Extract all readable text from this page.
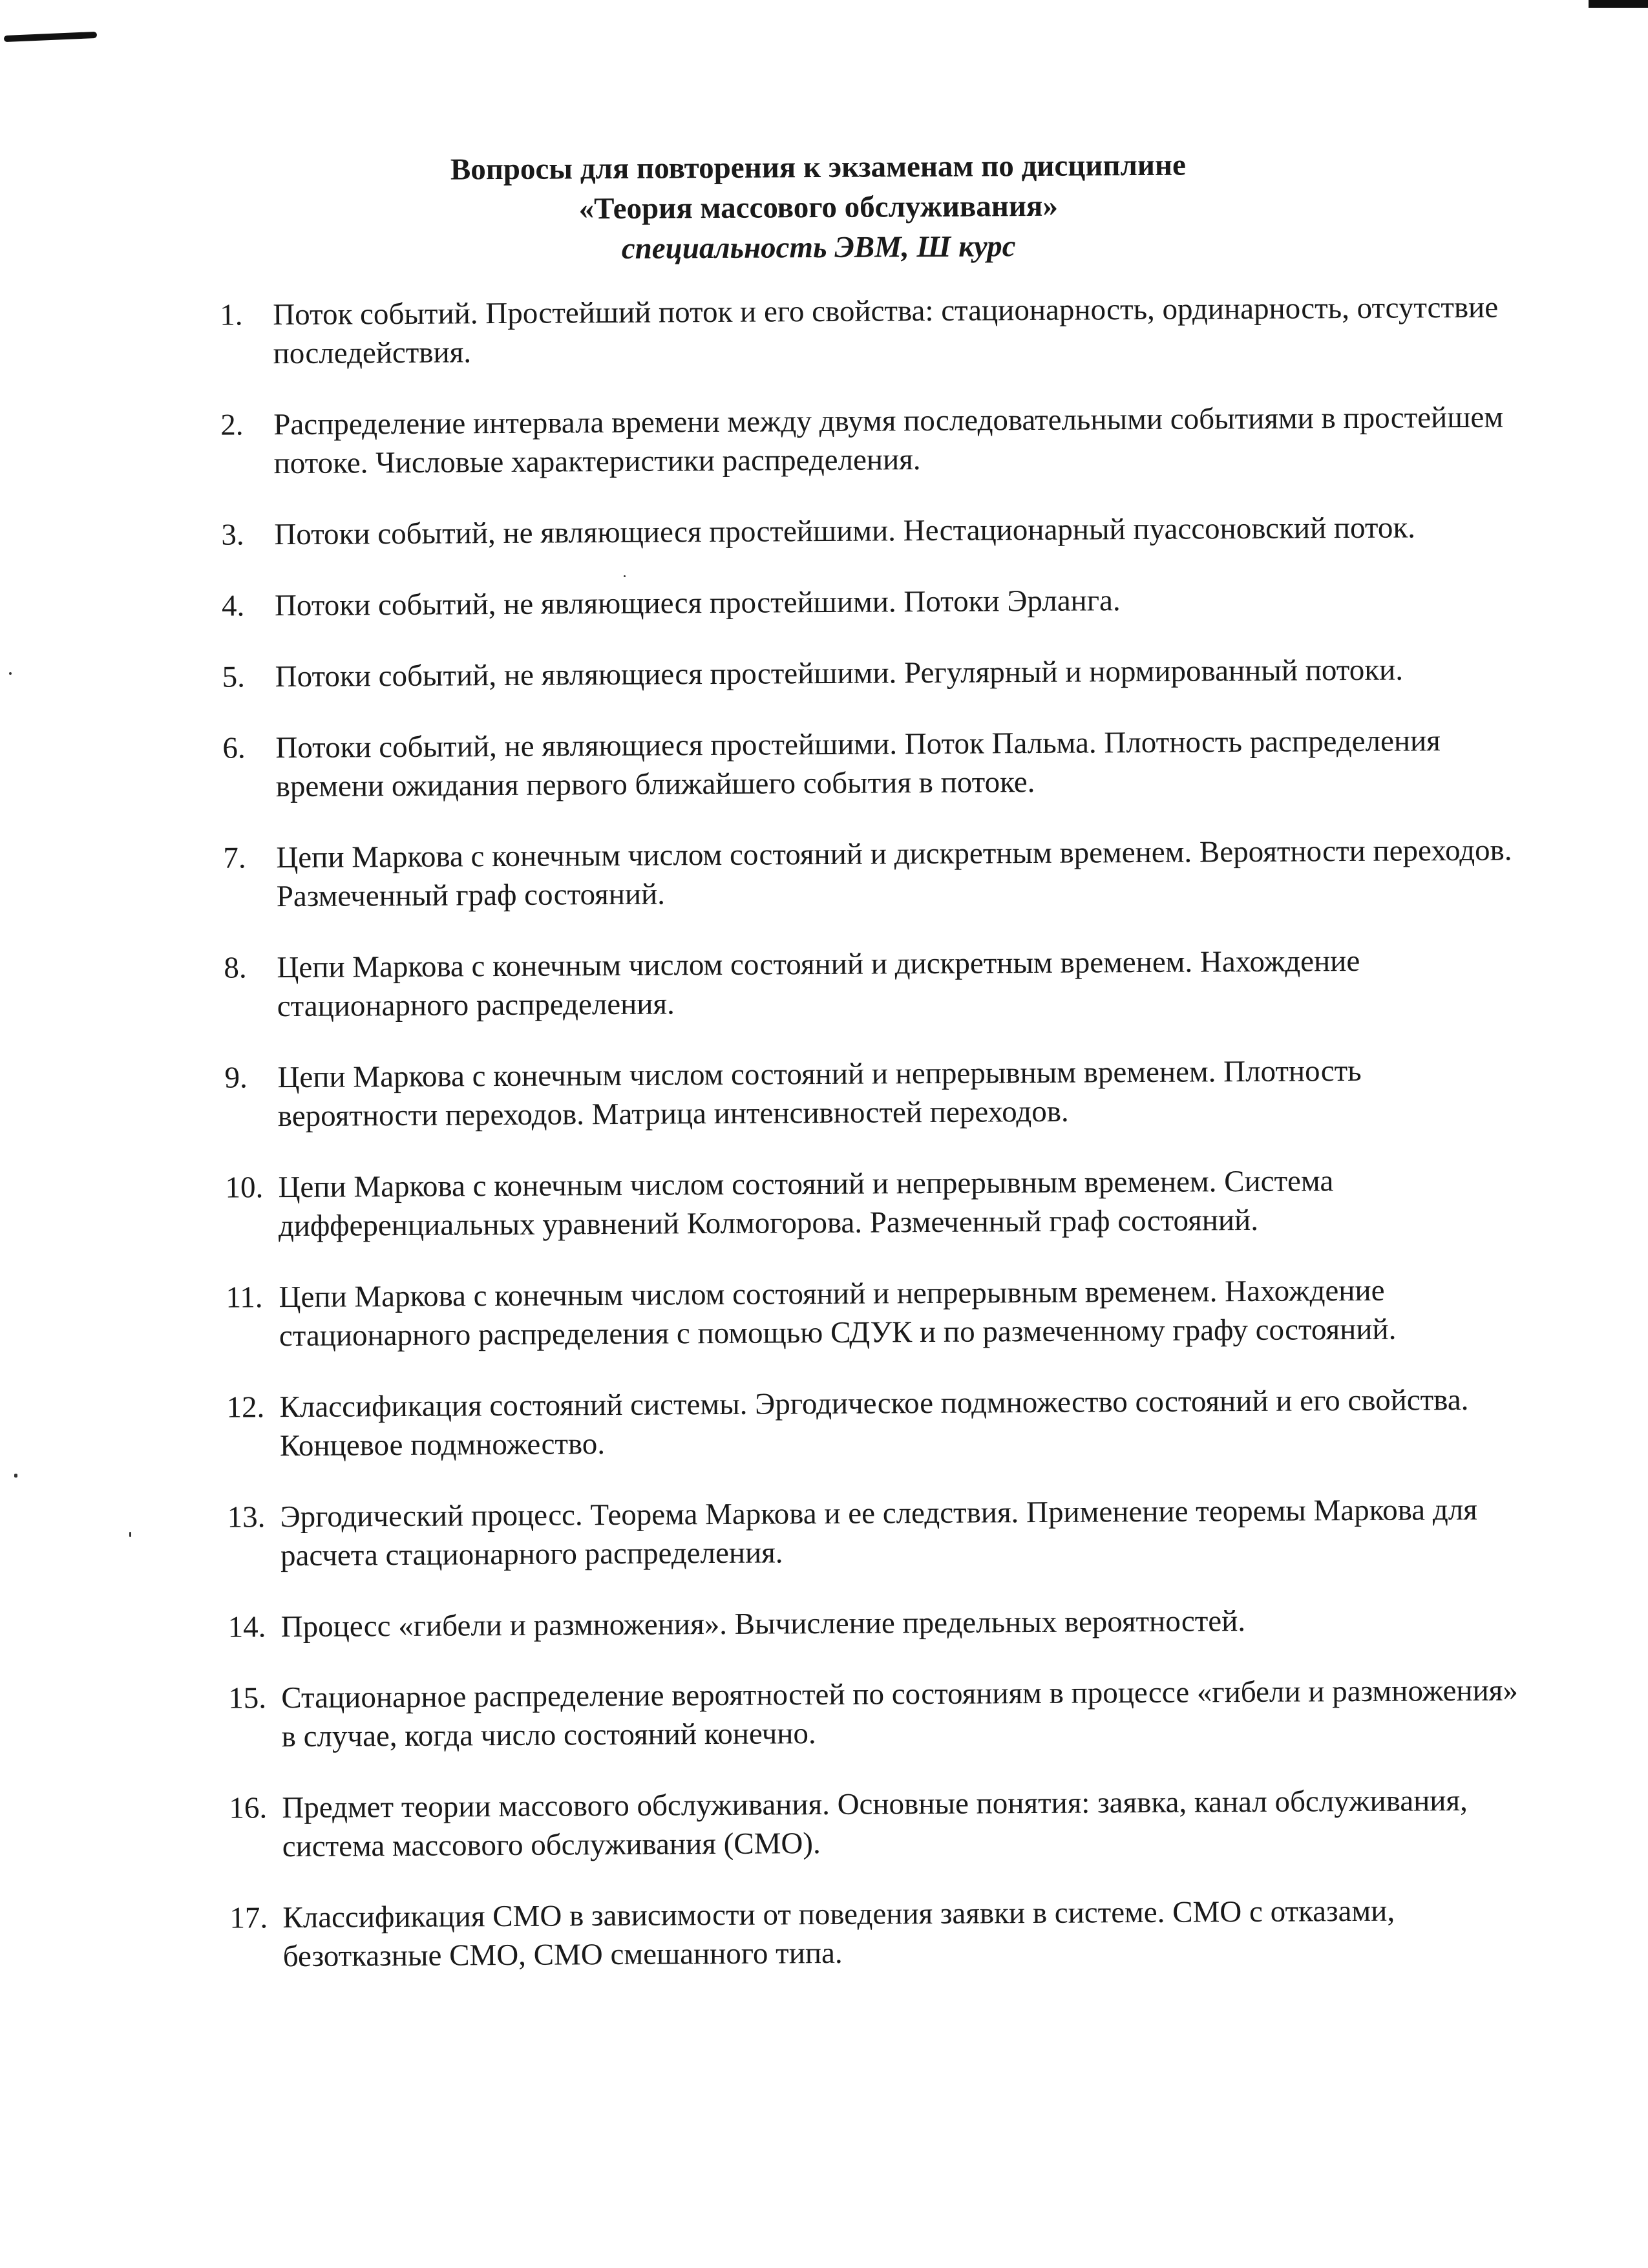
Вопросы для повторения к экзаменам по дисциплине
«Теория массового обслуживания»
специальность ЭВМ, Ш курс
1. Поток событий. Простейший поток и его свойства: стационарность, ординарность, отсутствие последействия.
2. Распределение интервала времени между двумя последовательными событиями в простейшем потоке. Числовые характеристики распределения.
3. Потоки событий, не являющиеся простейшими. Нестационарный пуассоновский поток.
4. Потоки событий, не являющиеся простейшими. Потоки Эрланга.
5. Потоки событий, не являющиеся простейшими. Регулярный и нормированный потоки.
6. Потоки событий, не являющиеся простейшими. Поток Пальма. Плотность распределения времени ожидания первого ближайшего события в потоке.
7. Цепи Маркова с конечным числом состояний и дискретным временем. Вероятности переходов. Размеченный граф состояний.
8. Цепи Маркова с конечным числом состояний и дискретным временем. Нахождение стационарного распределения.
9. Цепи Маркова с конечным числом состояний и непрерывным временем. Плотность вероятности переходов. Матрица интенсивностей переходов.
10. Цепи Маркова с конечным числом состояний и непрерывным временем. Система дифференциальных уравнений Колмогорова. Размеченный граф состояний.
11. Цепи Маркова с конечным числом состояний и непрерывным временем. Нахождение стационарного распределения с помощью СДУК и по размеченному графу состояний.
12. Классификация состояний системы. Эргодическое подмножество состояний и его свойства. Концевое подмножество.
13. Эргодический процесс. Теорема Маркова и ее следствия. Применение теоремы Маркова для расчета стационарного распределения.
14. Процесс «гибели и размножения». Вычисление предельных вероятностей.
15. Стационарное распределение вероятностей по состояниям в процессе «гибели и размножения» в случае, когда число состояний конечно.
16. Предмет теории массового обслуживания. Основные понятия: заявка, канал обслуживания, система массового обслуживания (СМО).
17. Классификация СМО в зависимости от поведения заявки в системе. СМО с отказами, безотказные СМО, СМО смешанного типа.
